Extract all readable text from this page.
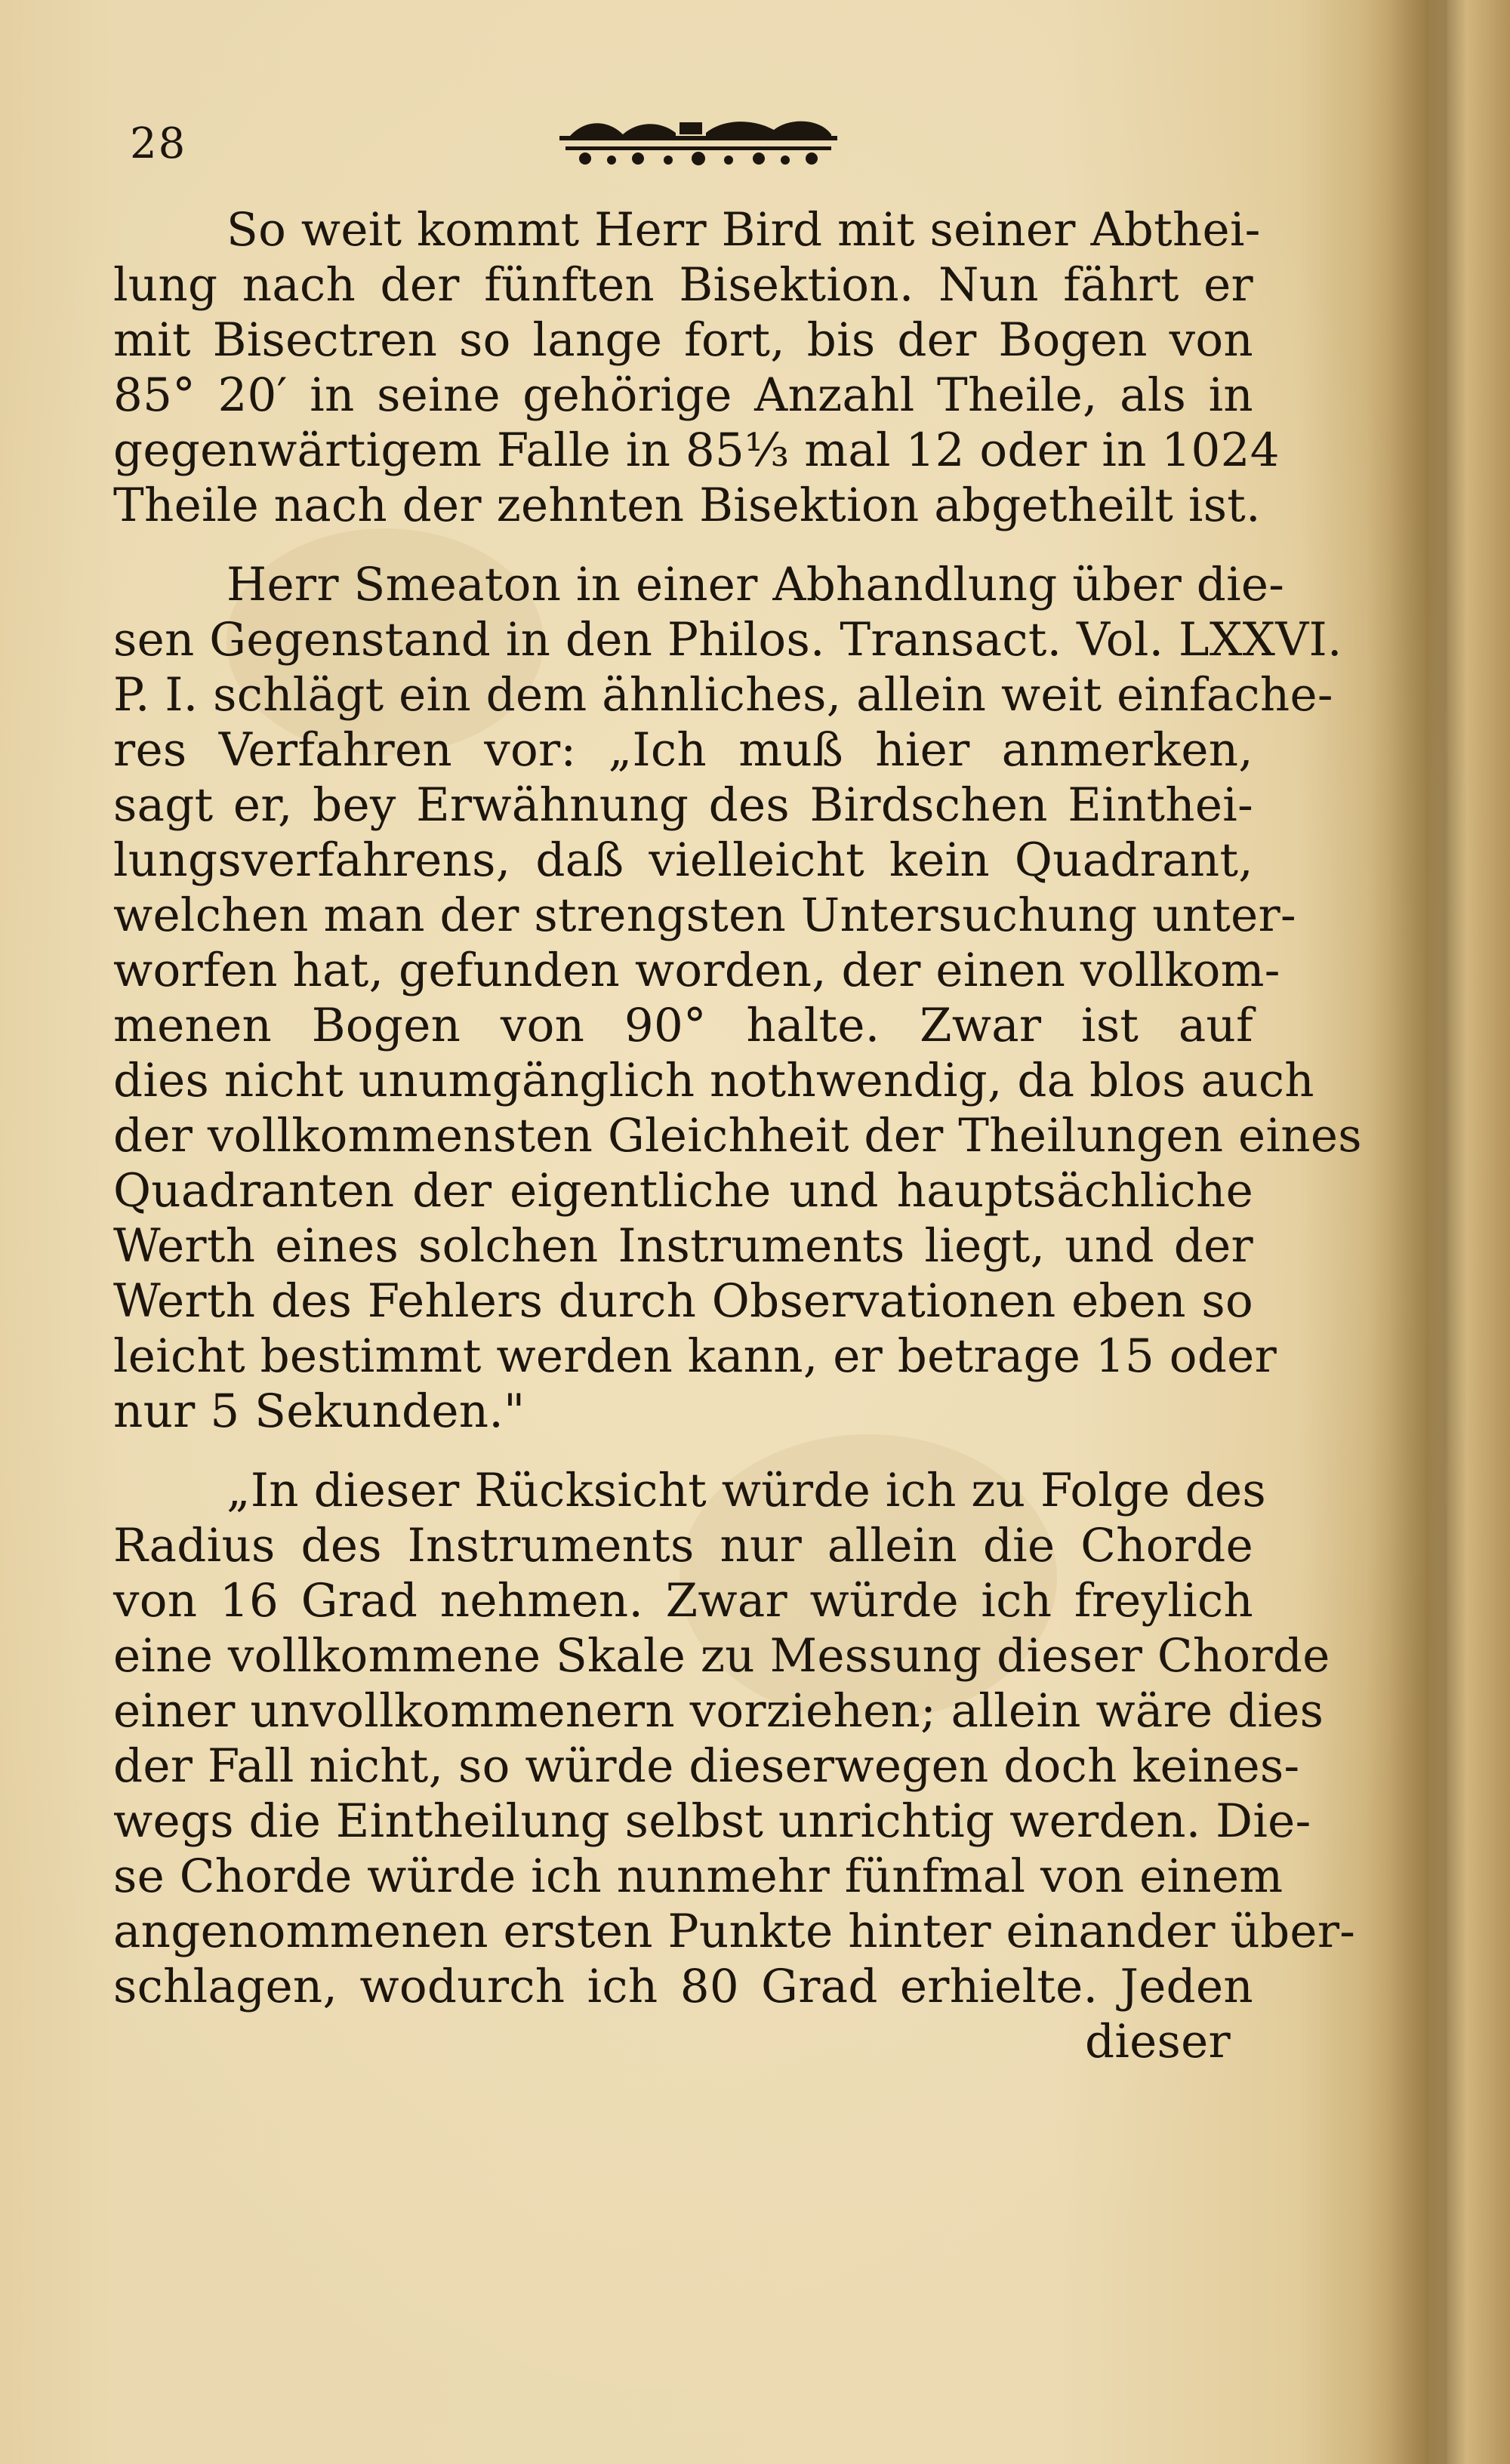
28
So weit kommt Herr Bird mit seiner Abthei-
lung nach der fünften Bisektion. Nun fährt er
mit Bisectren so lange fort, bis der Bogen von
85° 20′ in seine gehörige Anzahl Theile, als in
gegenwärtigem Falle in 85⅓ mal 12 oder in 1024
Theile nach der zehnten Bisektion abgetheilt ist.
Herr Smeaton in einer Abhandlung über die-
sen Gegenstand in den Philos. Transact. Vol. LXXVI.
P. I. schlägt ein dem ähnliches, allein weit einfache-
res Verfahren vor: „Ich muß hier anmerken,
sagt er, bey Erwähnung des Birdschen Einthei-
lungsverfahrens, daß vielleicht kein Quadrant,
welchen man der strengsten Untersuchung unter-
worfen hat, gefunden worden, der einen vollkom-
menen Bogen von 90° halte. Zwar ist auf
dies nicht unumgänglich nothwendig, da blos auch
der vollkommensten Gleichheit der Theilungen eines
Quadranten der eigentliche und hauptsächliche
Werth eines solchen Instruments liegt, und der
Werth des Fehlers durch Observationen eben so
leicht bestimmt werden kann, er betrage 15 oder
nur 5 Sekunden."
„In dieser Rücksicht würde ich zu Folge des
Radius des Instruments nur allein die Chorde
von 16 Grad nehmen. Zwar würde ich freylich
eine vollkommene Skale zu Messung dieser Chorde
einer unvollkommenern vorziehen; allein wäre dies
der Fall nicht, so würde dieserwegen doch keines-
wegs die Eintheilung selbst unrichtig werden. Die-
se Chorde würde ich nunmehr fünfmal von einem
angenommenen ersten Punkte hinter einander über-
schlagen, wodurch ich 80 Grad erhielte. Jeden
dieser
